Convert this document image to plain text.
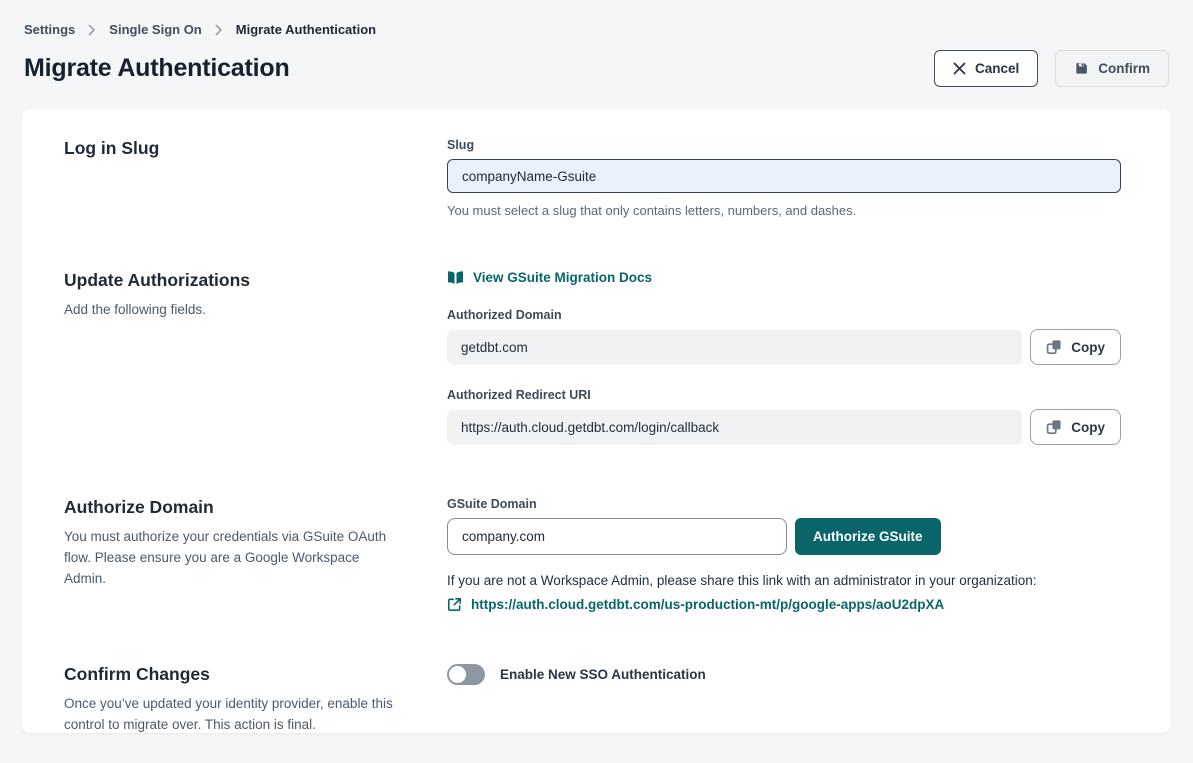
Settings	Single Sign On	Migrate Authentication
Migrate Authentication	Cancel	Confirm
Log in Slug	Slug
companyName-Gsuite
You must select a slug that only contains letters, numbers, and dashes.
Update Authorizations
Add the following fields.
View GSuite Migration Docs
Authorized Domain
getdbt.com	Copy
Authorized Redirect URI
https://auth.cloud.getdbt.com/login/callback	Copy
Authorize Domain
You must authorize your credentials via GSuite OAuth flow. Please ensure you are a Google Workspace Admin.
GSuite Domain
company.com
Authorize GSuite
If you are not a Workspace Admin, please share this link with an administrator in your organization:
https://auth.cloud.getdbt.com/us-production-mt/p/google-apps/aoU2dpXA
Confirm Changes
Once you’ve updated your identity provider, enable this control to migrate over. This action is final.
Enable New SSO Authentication
